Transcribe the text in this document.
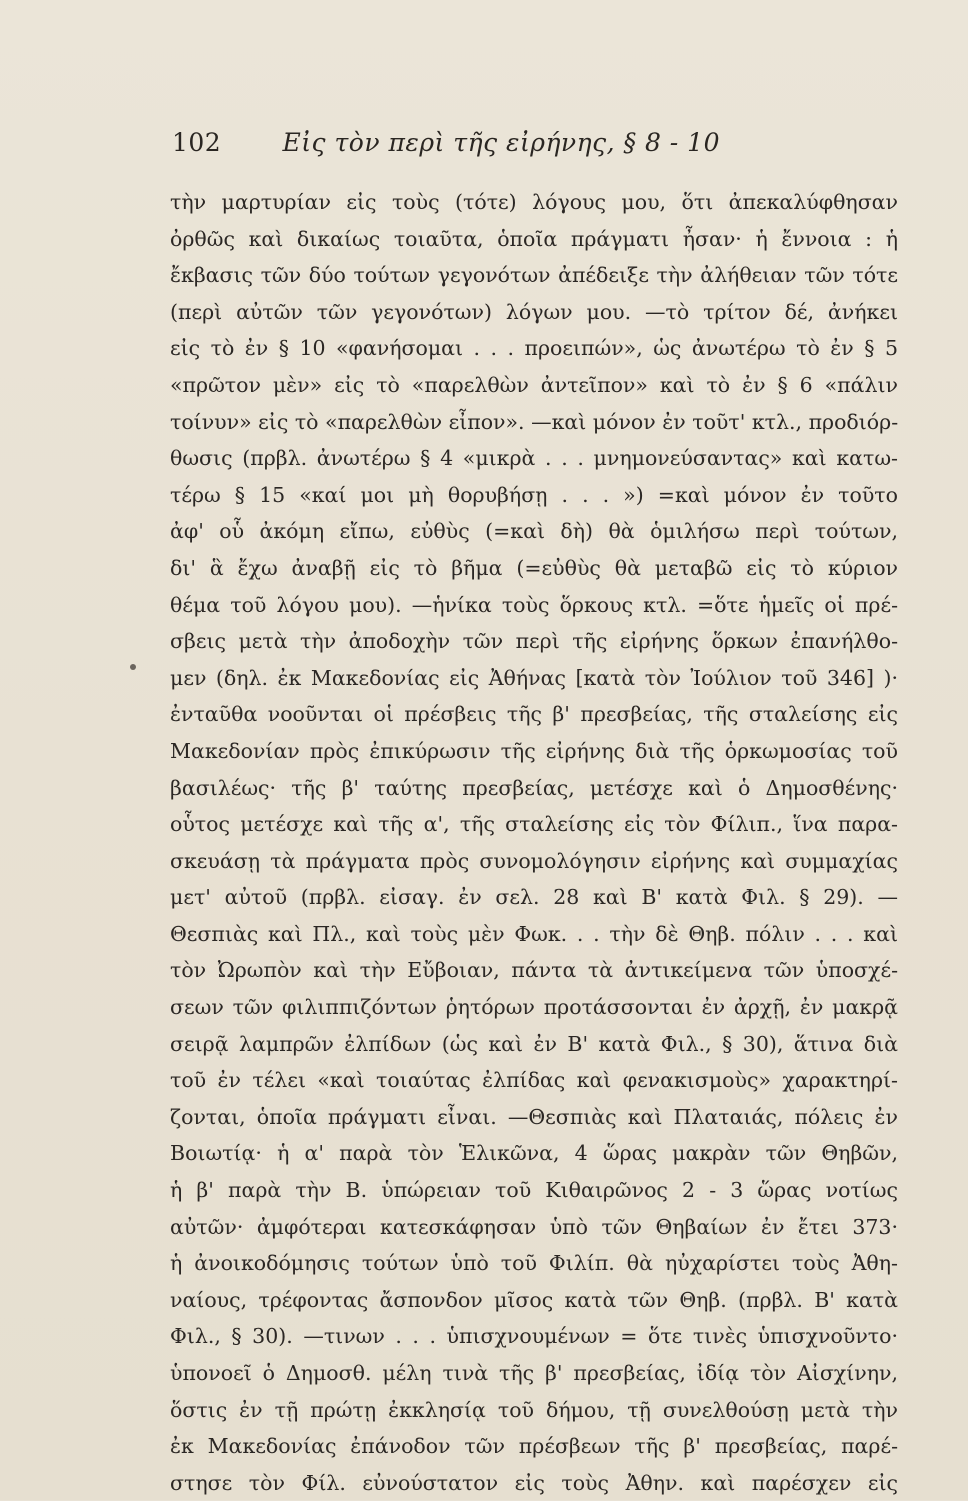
102 Εἰς τὸν περὶ τῆς εἰρήνης, § 8 - 10
τὴν μαρτυρίαν εἰς τοὺς (τότε) λόγους μου, ὅτι ἀπεκαλύφθησαν
ὀρθῶς καὶ δικαίως τοιαῦτα, ὁποῖα πράγματι ἦσαν· ἡ ἔννοια : ἡ
ἔκβασις τῶν δύο τούτων γεγονότων ἀπέδειξε τὴν ἀλήθειαν τῶν τότε
(περὶ αὐτῶν τῶν γεγονότων) λόγων μου. —τὸ τρίτον δέ, ἀνήκει
εἰς τὸ ἐν § 10 «φανήσομαι . . . προειπών», ὡς ἀνωτέρω τὸ ἐν § 5
«πρῶτον μὲν» εἰς τὸ «παρελθὼν ἀντεῖπον» καὶ τὸ ἐν § 6 «πάλιν
τοίνυν» εἰς τὸ «παρελθὼν εἶπον». —καὶ μόνον ἐν τοῦτ' κτλ., προδιόρ-
θωσις (πρβλ. ἀνωτέρω § 4 «μικρὰ . . . μνημονεύσαντας» καὶ κατω-
τέρω § 15 «καί μοι μὴ θορυβήσῃ . . . ») =καὶ μόνον ἐν τοῦτο
ἀφ' οὗ ἀκόμη εἴπω, εὐθὺς (=καὶ δὴ) θὰ ὁμιλήσω περὶ τούτων,
δι' ἃ ἔχω ἀναβῇ εἰς τὸ βῆμα (=εὐθὺς θὰ μεταβῶ εἰς τὸ κύριον
θέμα τοῦ λόγου μου). —ἡνίκα τοὺς ὅρκους κτλ. =ὅτε ἡμεῖς οἱ πρέ-
σβεις μετὰ τὴν ἀποδοχὴν τῶν περὶ τῆς εἰρήνης ὅρκων ἐπανήλθο-
μεν (δηλ. ἐκ Μακεδονίας εἰς Ἀθήνας [κατὰ τὸν Ἰούλιον τοῦ 346] )·
ἐνταῦθα νοοῦνται οἱ πρέσβεις τῆς β' πρεσβείας, τῆς σταλείσης εἰς
Μακεδονίαν πρὸς ἐπικύρωσιν τῆς εἰρήνης διὰ τῆς ὁρκωμοσίας τοῦ
βασιλέως· τῆς β' ταύτης πρεσβείας, μετέσχε καὶ ὁ Δημοσθένης·
οὗτος μετέσχε καὶ τῆς α', τῆς σταλείσης εἰς τὸν Φίλιπ., ἵνα παρα-
σκευάσῃ τὰ πράγματα πρὸς συνομολόγησιν εἰρήνης καὶ συμμαχίας
μετ' αὐτοῦ (πρβλ. εἰσαγ. ἐν σελ. 28 καὶ Β' κατὰ Φιλ. § 29). —
Θεσπιὰς καὶ Πλ., καὶ τοὺς μὲν Φωκ. . . τὴν δὲ Θηβ. πόλιν . . . καὶ
τὸν Ὠρωπὸν καὶ τὴν Εὔβοιαν, πάντα τὰ ἀντικείμενα τῶν ὑποσχέ-
σεων τῶν φιλιππιζόντων ῥητόρων προτάσσονται ἐν ἀρχῇ, ἐν μακρᾷ
σειρᾷ λαμπρῶν ἐλπίδων (ὡς καὶ ἐν Β' κατὰ Φιλ., § 30), ἅτινα διὰ
τοῦ ἐν τέλει «καὶ τοιαύτας ἐλπίδας καὶ φενακισμοὺς» χαρακτηρί-
ζονται, ὁποῖα πράγματι εἶναι. —Θεσπιὰς καὶ Πλαταιάς, πόλεις ἐν
Βοιωτίᾳ· ἡ α' παρὰ τὸν Ἑλικῶνα, 4 ὥρας μακρὰν τῶν Θηβῶν,
ἡ β' παρὰ τὴν Β. ὑπώρειαν τοῦ Κιθαιρῶνος 2 - 3 ὥρας νοτίως
αὐτῶν· ἀμφότεραι κατεσκάφησαν ὑπὸ τῶν Θηβαίων ἐν ἔτει 373·
ἡ ἀνοικοδόμησις τούτων ὑπὸ τοῦ Φιλίπ. θὰ ηὐχαρίστει τοὺς Ἀθη-
ναίους, τρέφοντας ἄσπονδον μῖσος κατὰ τῶν Θηβ. (πρβλ. Β' κατὰ
Φιλ., § 30). —τινων . . . ὑπισχνουμένων = ὅτε τινὲς ὑπισχνοῦντο·
ὑπονοεῖ ὁ Δημοσθ. μέλη τινὰ τῆς β' πρεσβείας, ἰδίᾳ τὸν Αἰσχίνην,
ὅστις ἐν τῇ πρώτῃ ἐκκλησίᾳ τοῦ δήμου, τῇ συνελθούσῃ μετὰ τὴν
ἐκ Μακεδονίας ἐπάνοδον τῶν πρέσβεων τῆς β' πρεσβείας, παρέ-
στησε τὸν Φίλ. εὐνούστατον εἰς τοὺς Ἀθην. καὶ παρέσχεν εἰς
